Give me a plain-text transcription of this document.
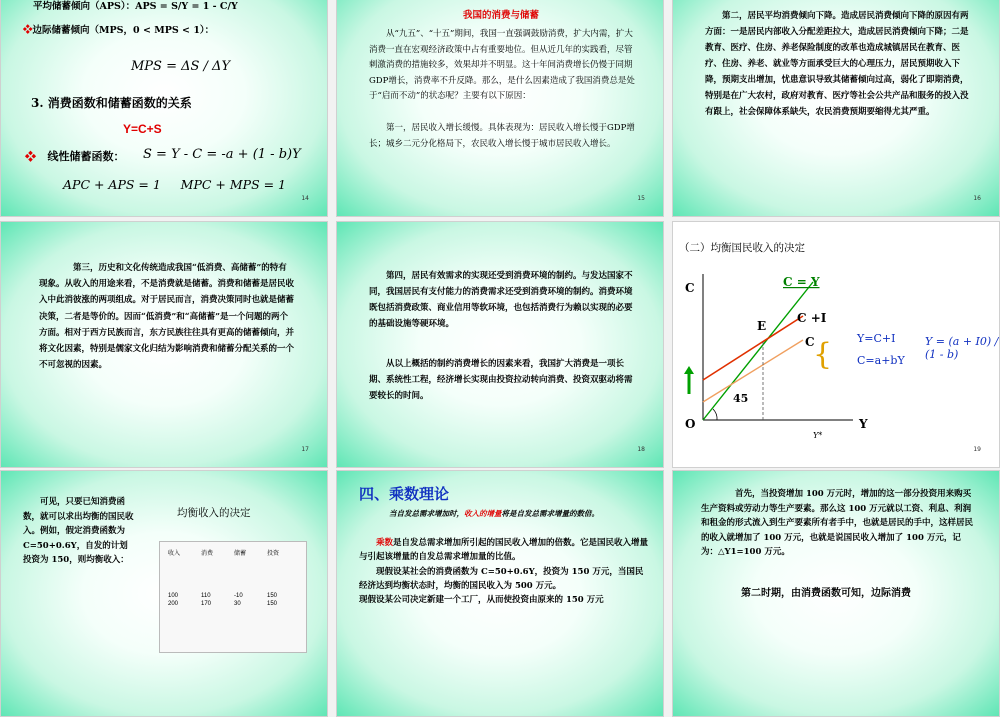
平均储蓄倾向（APS）：APS = S/Y = 1 - C/Y
❖边际储蓄倾向（MPS，0 < MPS < 1）：
MPS = ΔS / ΔY
3. 消费函数和储蓄函数的关系
Y=C+S
❖ 线性储蓄函数： S = Y - C = -a + (1 - b)Y
APC + APS = 1     MPC + MPS = 1
14
我国的消费与储蓄
从“九五”、“十五”期间，我国一直强调鼓励消费，扩大内需，扩大消费一直在宏观经济政策中占有重要地位。但从近几年的实践看，尽管刺激消费的措施较多，效果却并不明显。这十年间消费增长仍慢于同期GDP增长，消费率不升反降。那么，是什么因素造成了我国消费总是处于“启而不动”的状态呢？主要有以下原因：
第一，居民收入增长缓慢。具体表现为：居民收入增长慢于GDP增长；城乡二元分化格局下，农民收入增长慢于城市居民收入增长。
15
第二，居民平均消费倾向下降。造成居民消费倾向下降的原因有两方面：一是居民内部收入分配差距拉大，造成居民消费倾向下降；二是教育、医疗、住房、养老保险制度的改革也造成城镇居民在教育、医疗、住房、养老、就业等方面承受巨大的心理压力，居民预期收入下降，预期支出增加，忧患意识导致其储蓄倾向过高，弱化了即期消费，特别是在广大农村，政府对教育、医疗等社会公共产品和服务的投入没有跟上，社会保障体系缺失，农民消费预期要缩得尤其严重。
16
第三，历史和文化传统造成我国“低消费、高储蓄”的特有现象。从收入的用途来看，不是消费就是储蓄。消费和储蓄是居民收入中此消彼涨的两项组成。对于居民而言，消费决策同时也就是储蓄决策，二者是等价的。因而“低消费”和“高储蓄”是一个问题的两个方面。相对于西方民族而言，东方民族往往具有更高的储蓄倾向，并将文化因素，特别是儒家文化归结为影响消费和储蓄分配关系的一个不可忽视的因素。
17
第四，居民有效需求的实现还受到消费环境的制约。与发达国家不同，我国居民有支付能力的消费需求还受到消费环境的制约。消费环境既包括消费政策、商业信用等软环境，也包括消费行为赖以实现的必要的基础设施等硬环境。
从以上概括的制约消费增长的因素来看，我国扩大消费是一项长期、系统性工程，经济增长实现由投资拉动转向消费、投资双驱动将需要较长的时间。
18
（二）均衡国民收入的决定
{
C = Y
C +I
C
E
45
C
Y
O
Y*
Y=C+I
C=a+bY
Y = (a + I0) / (1 - b)
19
可见，只要已知消费函数，就可以求出均衡的国民收入。例如，假定消费函数为 C=50+0.6Y，自发的计划投资为 150，则均衡收入：
均衡收入的决定
收入	消费	储蓄	投资
100	110	-10	150
200	170	30	150
四、乘数理论
当自发总需求增加时，收入的增量将是自发总需求增量的数倍。
乘数是自发总需求增加所引起的国民收入增加的倍数。它是国民收入增量与引起该增量的自发总需求增加量的比值。
现假设某社会的消费函数为 C=50+0.6Y，投资为 150 万元，当国民经济达到均衡状态时，均衡的国民收入为 500 万元。
现假设某公司决定新建一个工厂，从而使投资由原来的 150 万元
首先，当投资增加 100 万元时，增加的这一部分投资用来购买生产资料或劳动力等生产要素。那么这 100 万元就以工资、利息、利润和租金的形式流入到生产要素所有者手中，也就是居民的手中，这样居民的收入就增加了 100 万元，也就是说国民收入增加了 100 万元，记为：△Y1=100 万元。
第二时期，由消费函数可知，边际消费
